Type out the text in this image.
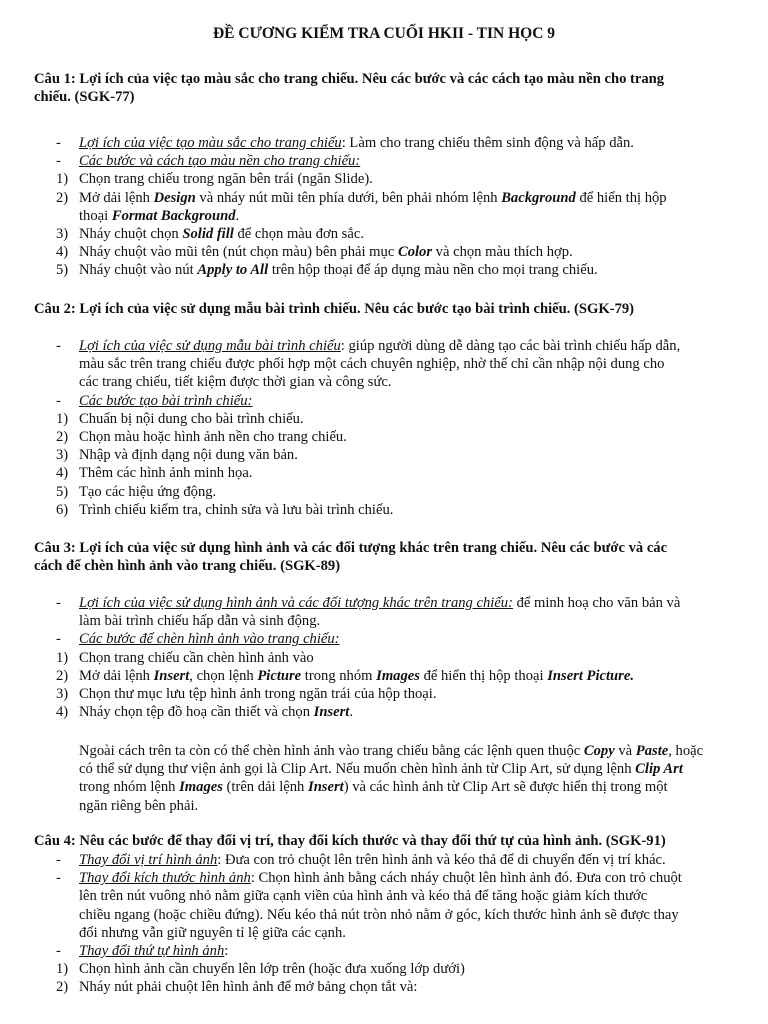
ĐỀ CƯƠNG KIỂM TRA CUỐI HKII - TIN HỌC 9
Câu 1: Lợi ích của việc tạo màu sắc cho trang chiếu. Nêu các bước và các cách tạo màu nền cho trang
chiếu. (SGK-77)
- Lợi ích của việc tạo màu sắc cho trang chiếu: Làm cho trang chiếu thêm sinh động và hấp dẫn.
- Các bước và cách tạo màu nền cho trang chiếu:
1) Chọn trang chiếu trong ngăn bên trái (ngăn Slide).
2) Mở dải lệnh Design và nháy nút mũi tên phía dưới, bên phải nhóm lệnh Background để hiển thị hộp
thoại Format Background.
3) Nháy chuột chọn Solid fill để chọn màu đơn sắc.
4) Nháy chuột vào mũi tên (nút chọn màu) bên phải mục Color và chọn màu thích hợp.
5) Nháy chuột vào nút Apply to All trên hộp thoại để áp dụng màu nền cho mọi trang chiếu.
Câu 2: Lợi ích của việc sử dụng mẫu bài trình chiếu. Nêu các bước tạo bài trình chiếu. (SGK-79)
- Lợi ích của việc sử dụng mẫu bài trình chiếu: giúp người dùng dễ dàng tạo các bài trình chiếu hấp dẫn,
màu sắc trên trang chiếu được phối hợp một cách chuyên nghiệp, nhờ thế chỉ cần nhập nội dung cho
các trang chiếu, tiết kiệm được thời gian và công sức.
- Các bước tạo bài trình chiếu:
1) Chuẩn bị nội dung cho bài trình chiếu.
2) Chọn màu hoặc hình ảnh nền cho trang chiếu.
3) Nhập và định dạng nội dung văn bản.
4) Thêm các hình ảnh minh họa.
5) Tạo các hiệu ứng động.
6) Trình chiếu kiểm tra, chỉnh sửa và lưu bài trình chiếu.
Câu 3: Lợi ích của việc sử dụng hình ảnh và các đối tượng khác trên trang chiếu. Nêu các bước và các
cách để chèn hình ảnh vào trang chiếu. (SGK-89)
- Lợi ích của việc sử dụng hình ảnh và các đối tượng khác trên trang chiếu: để minh hoạ cho văn bản và
làm bài trình chiếu hấp dẫn và sinh động.
- Các bước để chèn hình ảnh vào trang chiếu:
1) Chọn trang chiếu cần chèn hình ảnh vào
2) Mở dải lệnh Insert, chọn lệnh Picture trong nhóm Images để hiển thị hộp thoại Insert Picture.
3) Chọn thư mục lưu tệp hình ảnh trong ngăn trái của hộp thoại.
4) Nháy chọn tệp đồ hoạ cần thiết và chọn Insert.
Ngoài cách trên ta còn có thể chèn hình ảnh vào trang chiếu bằng các lệnh quen thuộc Copy và Paste, hoặc
có thể sử dụng thư viện ảnh gọi là Clip Art. Nếu muốn chèn hình ảnh từ Clip Art, sử dụng lệnh Clip Art
trong nhóm lệnh Images (trên dải lệnh Insert) và các hình ảnh từ Clip Art sẽ được hiển thị trong một
ngăn riêng bên phải.
Câu 4: Nêu các bước để thay đổi vị trí, thay đổi kích thước và thay đổi thứ tự của hình ảnh. (SGK-91)
- Thay đổi vị trí hình ảnh: Đưa con trỏ chuột lên trên hình ảnh và kéo thả để di chuyển đến vị trí khác.
- Thay đổi kích thước hình ảnh: Chọn hình ảnh bằng cách nháy chuột lên hình ảnh đó. Đưa con trỏ chuột
lên trên nút vuông nhỏ nằm giữa cạnh viền của hình ảnh và kéo thả để tăng hoặc giảm kích thước
chiều ngang (hoặc chiều đứng). Nếu kéo thả nút tròn nhỏ nằm ở góc, kích thước hình ảnh sẽ được thay
đổi nhưng vẫn giữ nguyên tỉ lệ giữa các cạnh.
- Thay đổi thứ tự hình ảnh:
1) Chọn hình ảnh cần chuyển lên lớp trên (hoặc đưa xuống lớp dưới)
2) Nháy nút phải chuột lên hình ảnh để mở bảng chọn tắt và:
